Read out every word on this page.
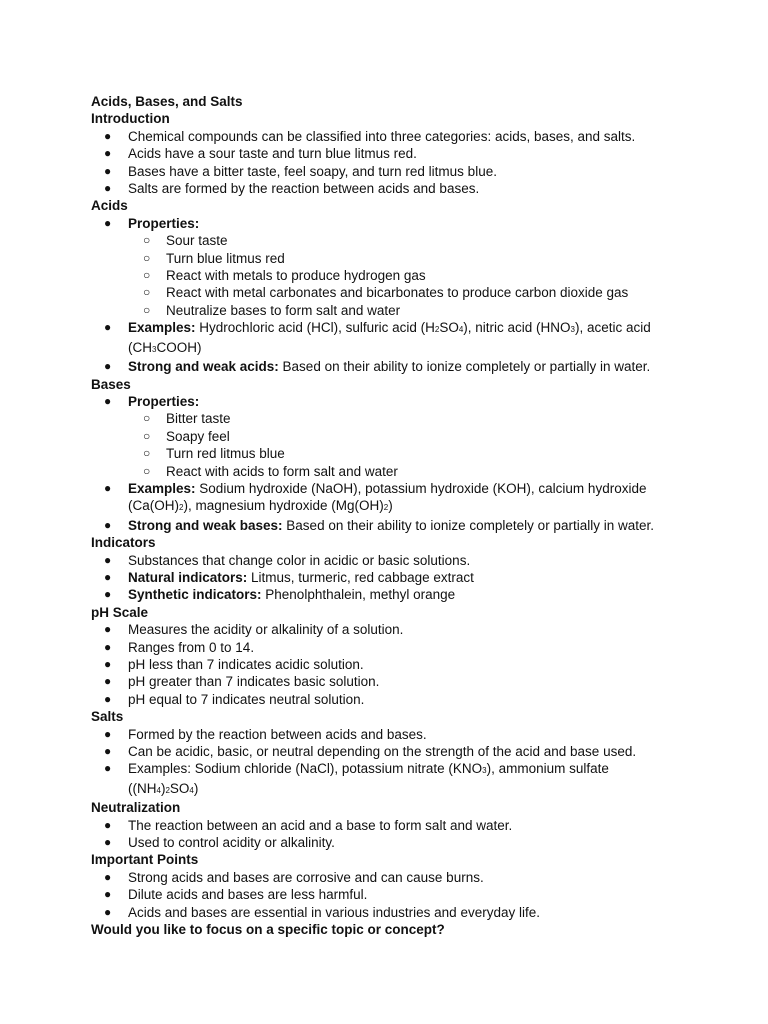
Acids, Bases, and Salts
Introduction
● Chemical compounds can be classified into three categories: acids, bases, and salts.
● Acids have a sour taste and turn blue litmus red.
● Bases have a bitter taste, feel soapy, and turn red litmus blue.
● Salts are formed by the reaction between acids and bases.
Acids
● Properties:
○ Sour taste
○ Turn blue litmus red
○ React with metals to produce hydrogen gas
○ React with metal carbonates and bicarbonates to produce carbon dioxide gas
○ Neutralize bases to form salt and water
● Examples: Hydrochloric acid (HCl), sulfuric acid (H2SO4), nitric acid (HNO3), acetic acid
(CH3COOH)
● Strong and weak acids: Based on their ability to ionize completely or partially in water.
Bases
● Properties:
○ Bitter taste
○ Soapy feel
○ Turn red litmus blue
○ React with acids to form salt and water
● Examples: Sodium hydroxide (NaOH), potassium hydroxide (KOH), calcium hydroxide
(Ca(OH)2), magnesium hydroxide (Mg(OH)2)
● Strong and weak bases: Based on their ability to ionize completely or partially in water.
Indicators
● Substances that change color in acidic or basic solutions.
● Natural indicators: Litmus, turmeric, red cabbage extract
● Synthetic indicators: Phenolphthalein, methyl orange
pH Scale
● Measures the acidity or alkalinity of a solution.
● Ranges from 0 to 14.
● pH less than 7 indicates acidic solution.
● pH greater than 7 indicates basic solution.
● pH equal to 7 indicates neutral solution.
Salts
● Formed by the reaction between acids and bases.
● Can be acidic, basic, or neutral depending on the strength of the acid and base used.
● Examples: Sodium chloride (NaCl), potassium nitrate (KNO3), ammonium sulfate
((NH4)2SO4)
Neutralization
● The reaction between an acid and a base to form salt and water.
● Used to control acidity or alkalinity.
Important Points
● Strong acids and bases are corrosive and can cause burns.
● Dilute acids and bases are less harmful.
● Acids and bases are essential in various industries and everyday life.
Would you like to focus on a specific topic or concept?
